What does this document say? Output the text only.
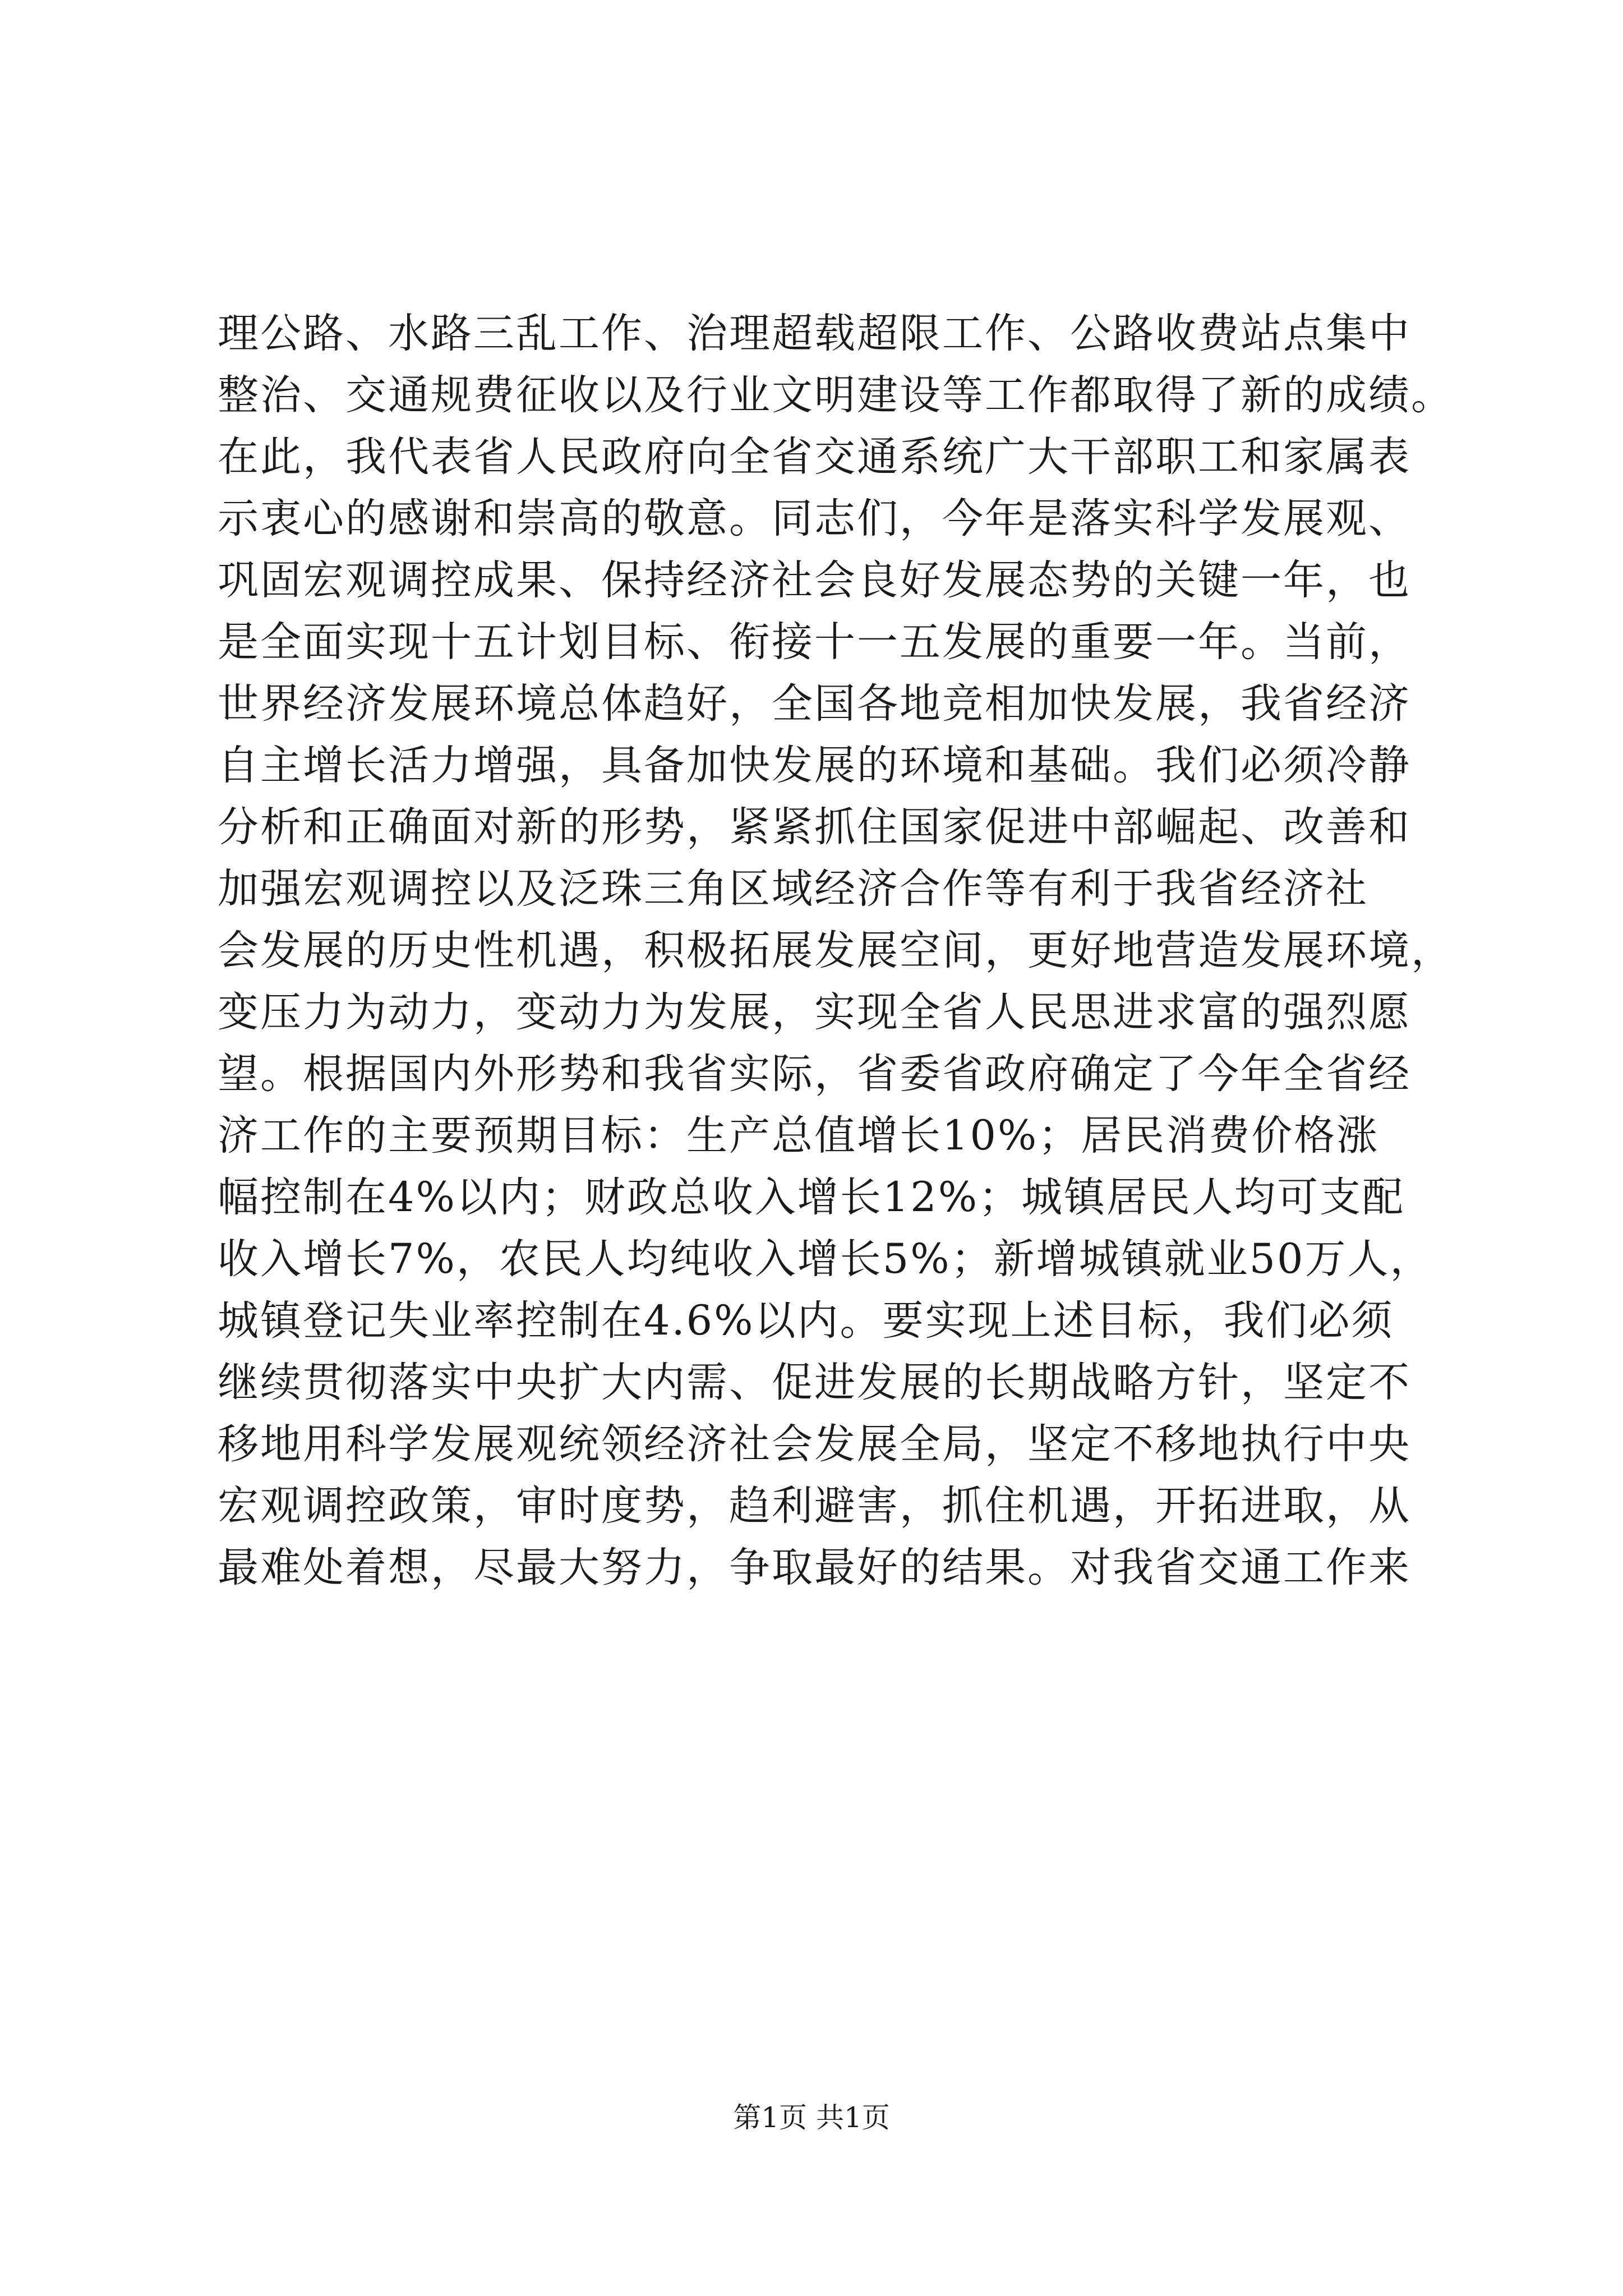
理公路、水路三乱工作、治理超载超限工作、公路收费站点集中
整治、交通规费征收以及行业文明建设等工作都取得了新的成绩。
在此，我代表省人民政府向全省交通系统广大干部职工和家属表
示衷心的感谢和崇高的敬意。同志们，今年是落实科学发展观、
巩固宏观调控成果、保持经济社会良好发展态势的关键一年，也
是全面实现十五计划目标、衔接十一五发展的重要一年。当前，
世界经济发展环境总体趋好，全国各地竞相加快发展，我省经济
自主增长活力增强，具备加快发展的环境和基础。我们必须冷静
分析和正确面对新的形势，紧紧抓住国家促进中部崛起、改善和
加强宏观调控以及泛珠三角区域经济合作等有利于我省经济社
会发展的历史性机遇，积极拓展发展空间，更好地营造发展环境，
变压力为动力，变动力为发展，实现全省人民思进求富的强烈愿
望。根据国内外形势和我省实际，省委省政府确定了今年全省经
济工作的主要预期目标：生产总值增长10%；居民消费价格涨
幅控制在4%以内；财政总收入增长12%；城镇居民人均可支配
收入增长7%，农民人均纯收入增长5%；新增城镇就业50万人，
城镇登记失业率控制在4.6%以内。要实现上述目标，我们必须
继续贯彻落实中央扩大内需、促进发展的长期战略方针，坚定不
移地用科学发展观统领经济社会发展全局，坚定不移地执行中央
宏观调控政策，审时度势，趋利避害，抓住机遇，开拓进取，从
最难处着想，尽最大努力，争取最好的结果。对我省交通工作来
第1页 共1页
